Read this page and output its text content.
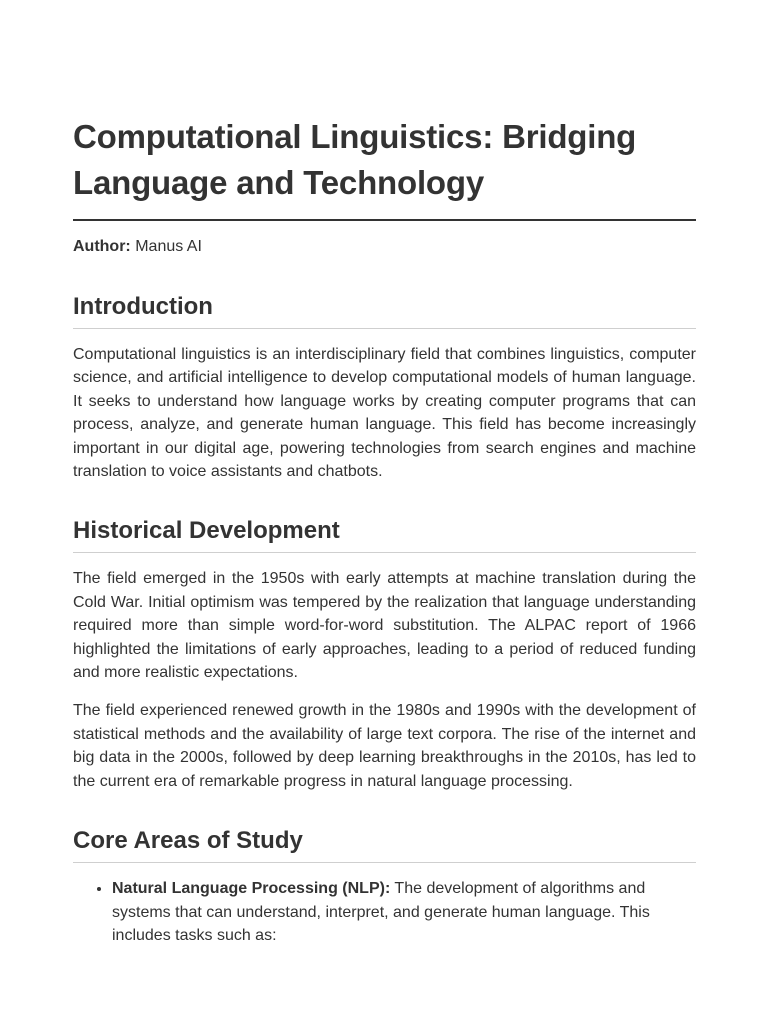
Computational Linguistics: Bridging Language and Technology
Author: Manus AI
Introduction

Computational linguistics is an interdisciplinary field that combines linguistics, computer science, and artificial intelligence to develop computational models of human language. It seeks to understand how language works by creating computer programs that can process, analyze, and generate human language. This field has become increasingly important in our digital age, powering technologies from search engines and machine translation to voice assistants and chatbots.

Historical Development

The field emerged in the 1950s with early attempts at machine translation during the Cold War. Initial optimism was tempered by the realization that language understanding required more than simple word-for-word substitution. The ALPAC report of 1966 highlighted the limitations of early approaches, leading to a period of reduced funding and more realistic expectations.

The field experienced renewed growth in the 1980s and 1990s with the development of statistical methods and the availability of large text corpora. The rise of the internet and big data in the 2000s, followed by deep learning breakthroughs in the 2010s, has led to the current era of remarkable progress in natural language processing.

Core Areas of Study
• Natural Language Processing (NLP): The development of algorithms and systems that can understand, interpret, and generate human language. This includes tasks such as:
